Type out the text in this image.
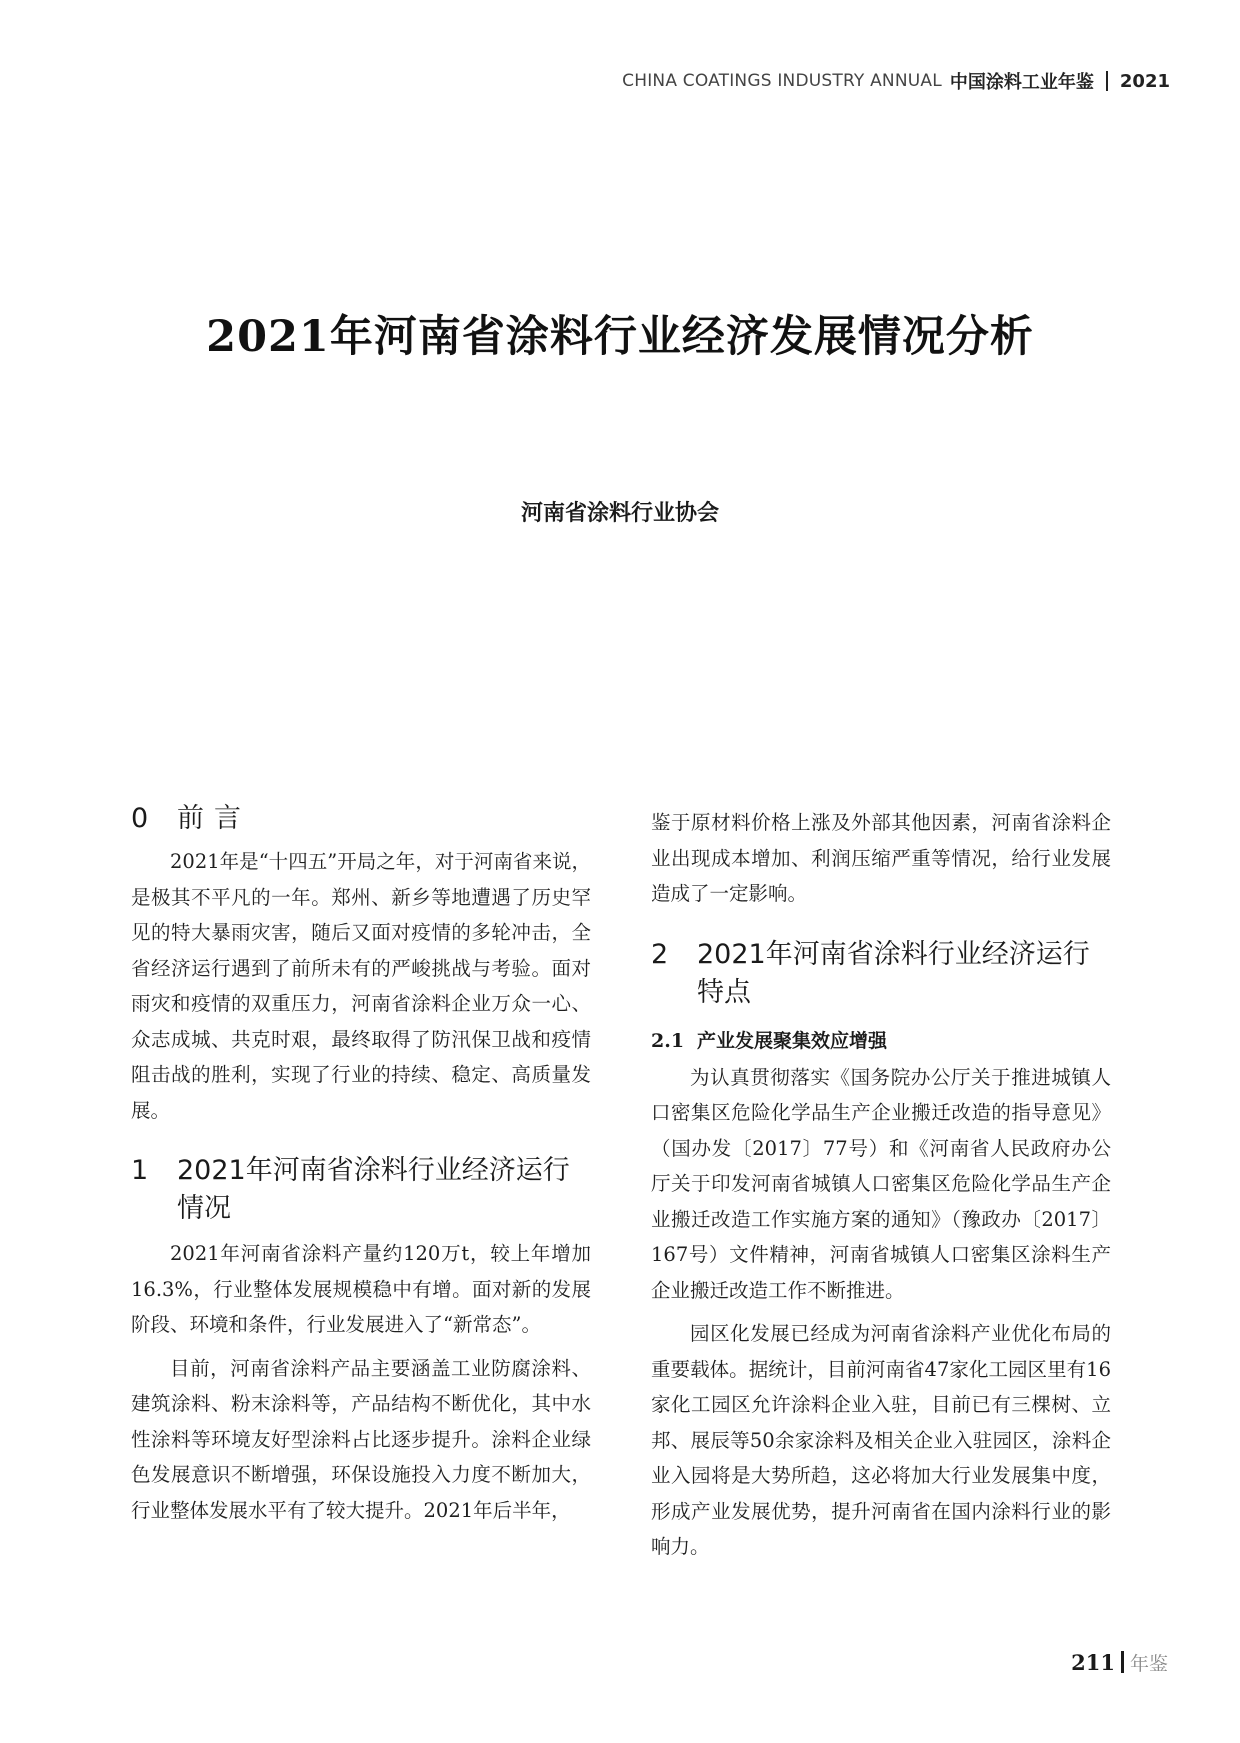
CHINA COATINGS INDUSTRY ANNUAL 中国涂料工业年鉴 2021
2021年河南省涂料行业经济发展情况分析
河南省涂料行业协会
0 前言

2021年是“十四五”开局之年，对于河南省来说，是极其不平凡的一年。郑州、新乡等地遭遇了历史罕见的特大暴雨灾害，随后又面对疫情的多轮冲击，全省经济运行遇到了前所未有的严峻挑战与考验。面对雨灾和疫情的双重压力，河南省涂料企业万众一心、众志成城、共克时艰，最终取得了防汛保卫战和疫情阻击战的胜利，实现了行业的持续、稳定、高质量发展。

1 2021年河南省涂料行业经济运行情况

2021年河南省涂料产量约120万t，较上年增加16.3%，行业整体发展规模稳中有增。面对新的发展阶段、环境和条件，行业发展进入了“新常态”。

目前，河南省涂料产品主要涵盖工业防腐涂料、建筑涂料、粉末涂料等，产品结构不断优化，其中水性涂料等环境友好型涂料占比逐步提升。涂料企业绿色发展意识不断增强，环保设施投入力度不断加大，行业整体发展水平有了较大提升。2021年后半年，

鉴于原材料价格上涨及外部其他因素，河南省涂料企业出现成本增加、利润压缩严重等情况，给行业发展造成了一定影响。

2 2021年河南省涂料行业经济运行特点
2.1 产业发展聚集效应增强

为认真贯彻落实《国务院办公厅关于推进城镇人口密集区危险化学品生产企业搬迁改造的指导意见》（国办发〔2017〕77号）和《河南省人民政府办公厅关于印发河南省城镇人口密集区危险化学品生产企业搬迁改造工作实施方案的通知》（豫政办〔2017〕167号）文件精神，河南省城镇人口密集区涂料生产企业搬迁改造工作不断推进。

园区化发展已经成为河南省涂料产业优化布局的重要载体。据统计，目前河南省47家化工园区里有16家化工园区允许涂料企业入驻，目前已有三棵树、立邦、展辰等50余家涂料及相关企业入驻园区，涂料企业入园将是大势所趋，这必将加大行业发展集中度，形成产业发展优势，提升河南省在国内涂料行业的影响力。

211 年鉴
